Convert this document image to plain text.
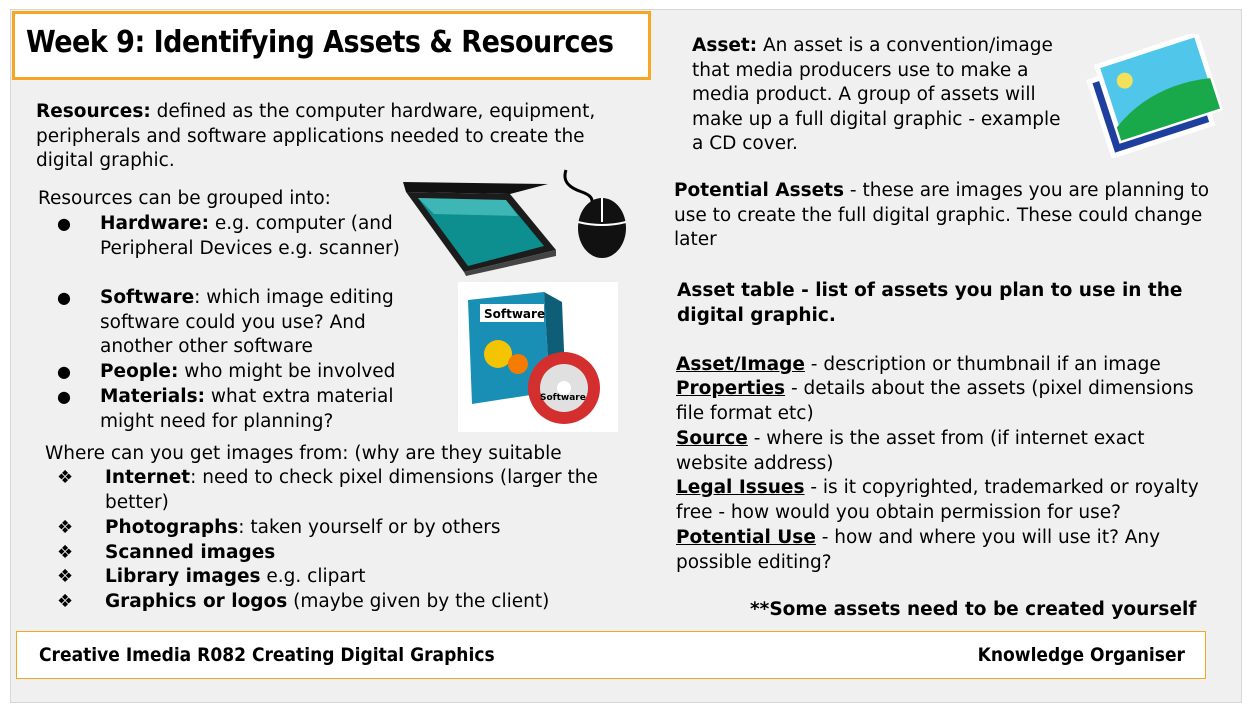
Week 9: Identifying Assets & Resources

Resources: defined as the computer hardware, equipment, peripherals and software applications needed to create the digital graphic.

Resources can be grouped into:

● Hardware: e.g. computer (and Peripheral Devices e.g. scanner)

● Software: which image editing software could you use? And another other software

● People: who might be involved

● Materials: what extra material might need for planning?

Where can you get images from: (why are they suitable

❖ Internet: need to check pixel dimensions (larger the better)

❖ Photographs: taken yourself or by others

❖ Scanned images

❖ Library images e.g. clipart

❖ Graphics or logos (maybe given by the client)

Software
Software

Asset: An asset is a convention/image that media producers use to make a media product. A group of assets will make up a full digital graphic - example a CD cover.

Potential Assets - these are images you are planning to use to create the full digital graphic. These could change later

Asset table - list of assets you plan to use in the digital graphic.

Asset/Image - description or thumbnail if an image

Properties - details about the assets (pixel dimensions file format etc)

Source - where is the asset from (if internet exact website address)

Legal Issues - is it copyrighted, trademarked or royalty free - how would you obtain permission for use?

Potential Use - how and where you will use it? Any possible editing?

**Some assets need to be created yourself

Creative Imedia R082 Creating Digital Graphics	Knowledge Organiser
